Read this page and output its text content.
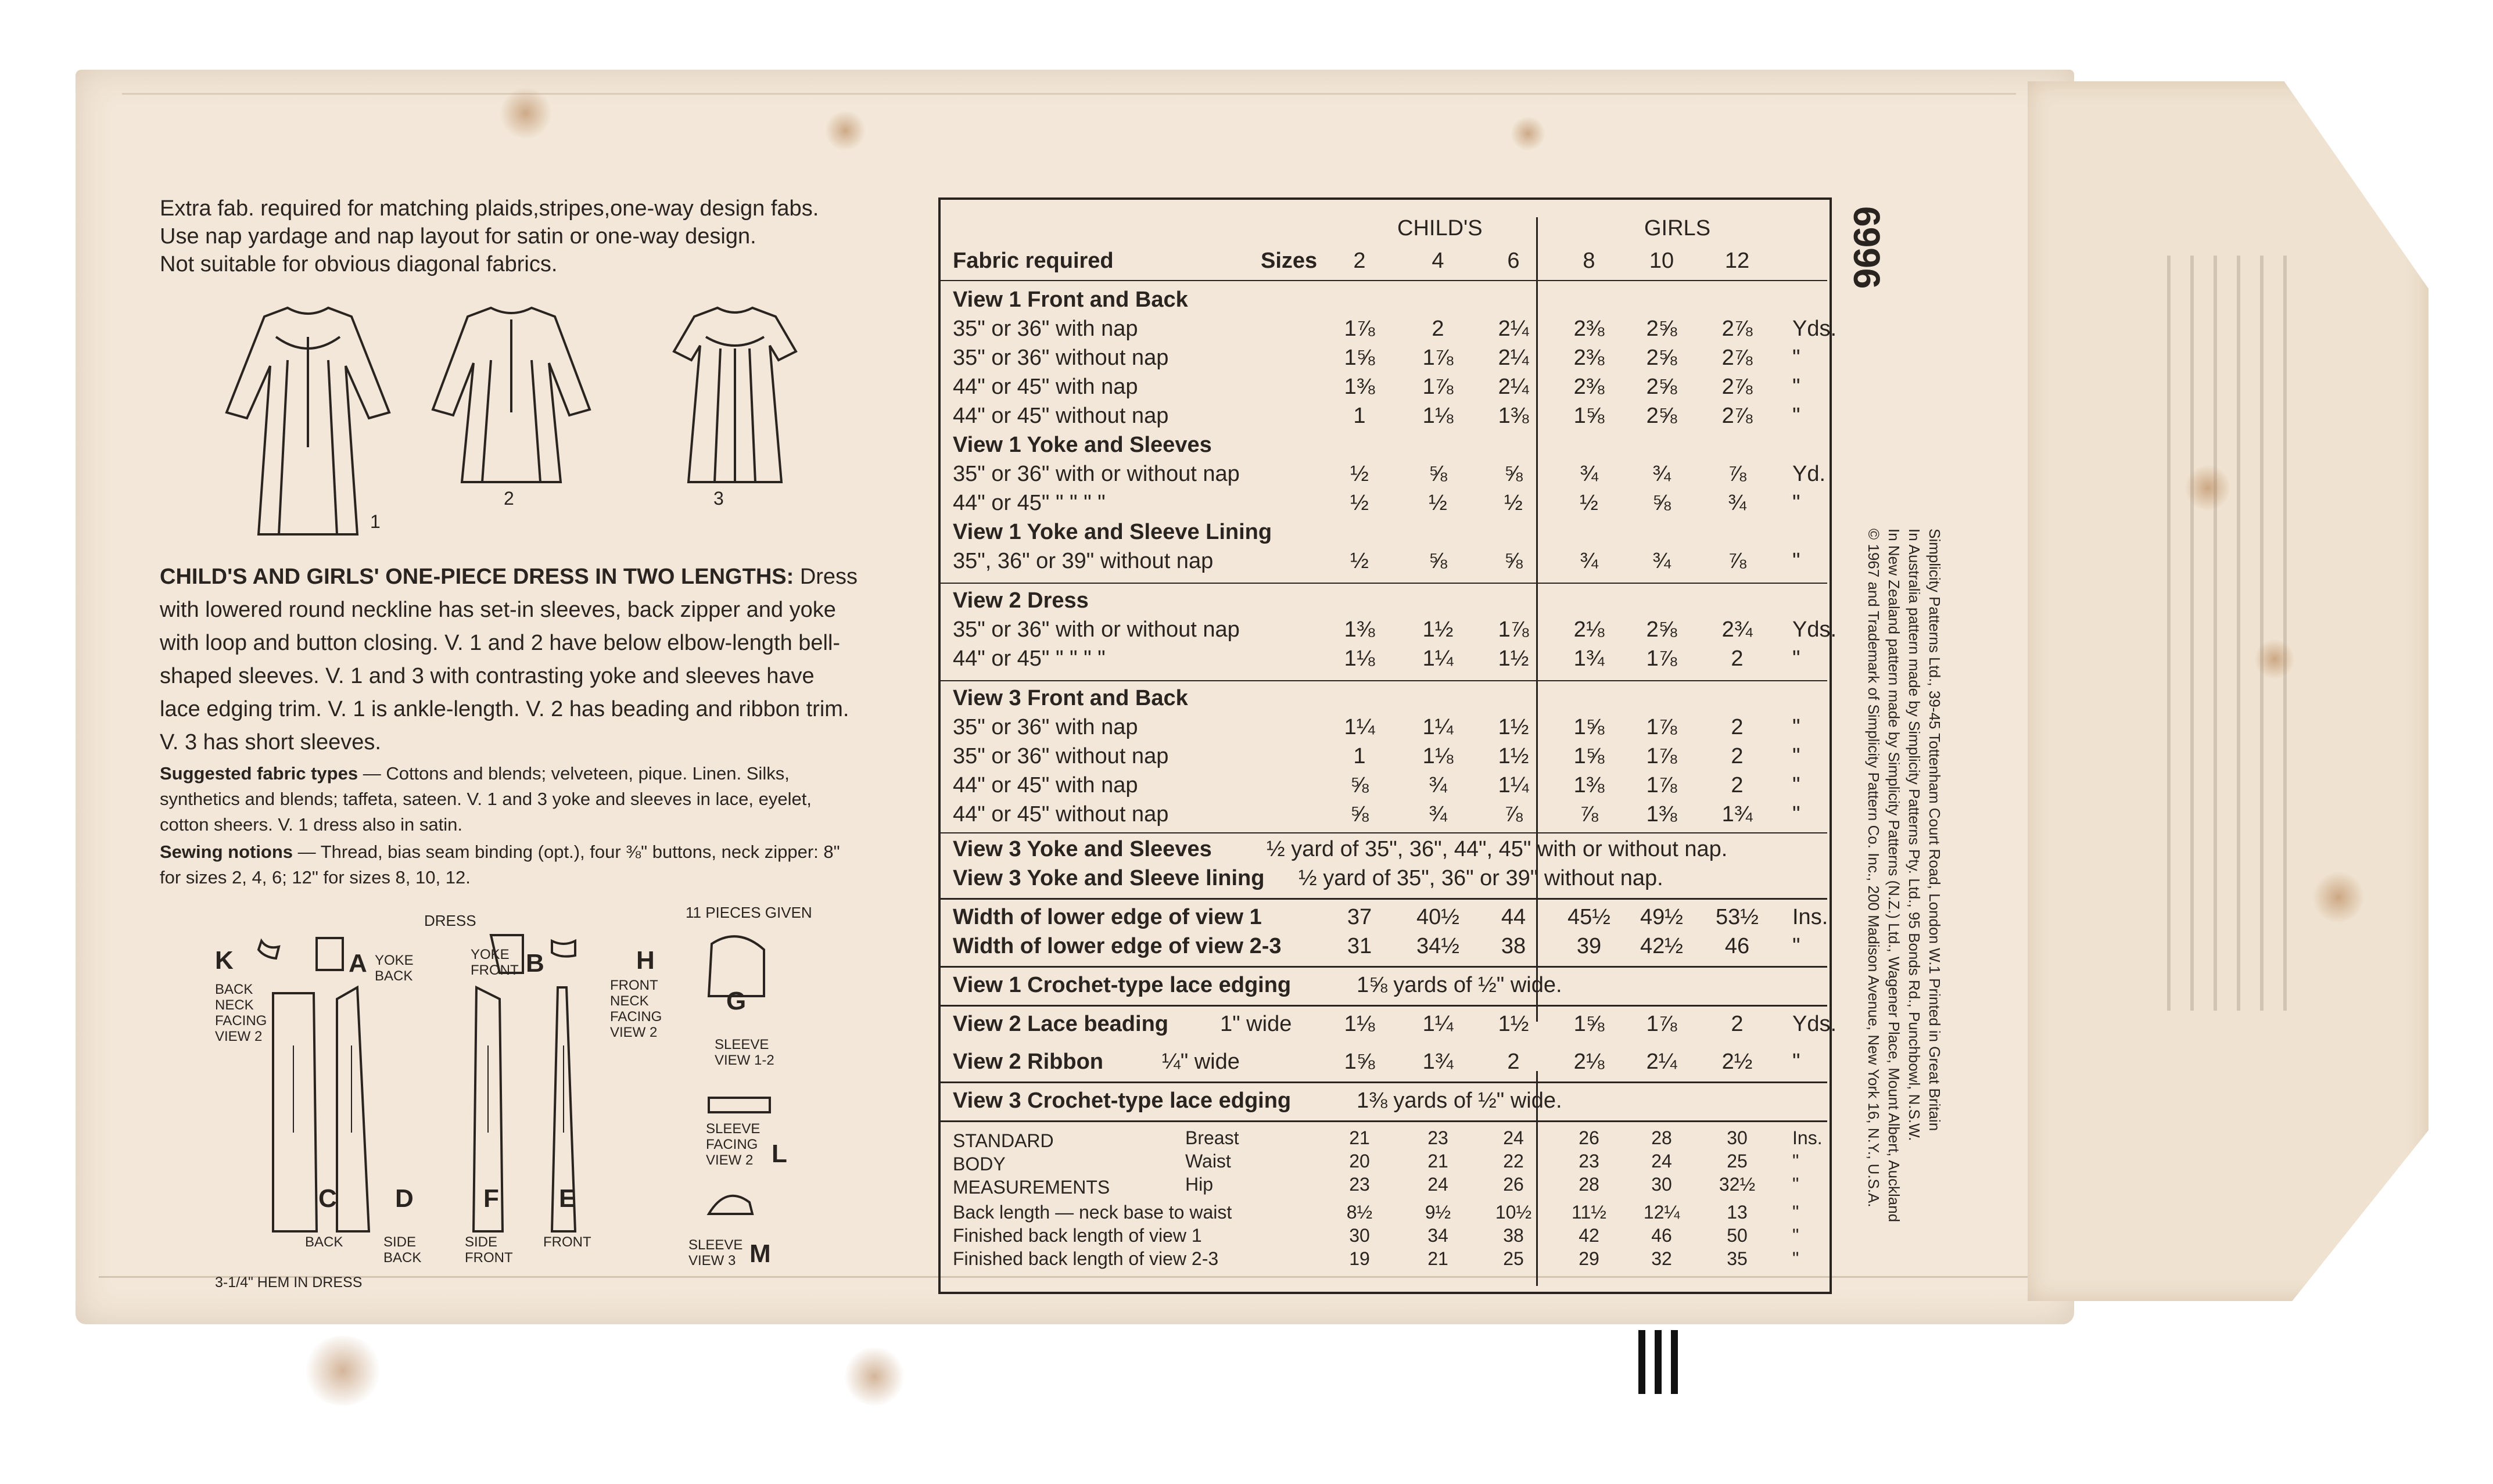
Extra fab. required for matching plaids,stripes,one-way design fabs.
Use nap yardage and nap layout for satin or one-way design.
Not suitable for obvious diagonal fabrics.
1
2	3
CHILD'S AND GIRLS' ONE-PIECE DRESS IN TWO LENGTHS: Dress with lowered round neckline has set-in sleeves, back zipper and yoke with loop and button closing. V. 1 and 2 have below elbow-length bell-shaped sleeves. V. 1 and 3 with contrasting yoke and sleeves have lace edging trim. V. 1 is ankle-length. V. 2 has beading and ribbon trim. V. 3 has short sleeves.
Suggested fabric types — Cottons and blends; velveteen, pique. Linen. Silks, synthetics and blends; taffeta, sateen. V. 1 and 3 yoke and sleeves in lace, eyelet, cotton sheers. V. 1 dress also in satin.
Sewing notions — Thread, bias seam binding (opt.), four ⅜" buttons, neck zipper: 8" for sizes 2, 4, 6; 12" for sizes 8, 10, 12.
DRESS	11 PIECES GIVEN
K
BACK
NECK
FACING
VIEW 2
A YOKE
BACK
YOKE
FRONT B	H
FRONT
NECK
FACING
VIEW 2
G
SLEEVE
VIEW 1-2
SLEEVE
FACING
VIEW 2 L
SLEEVE
VIEW 3 M
C
BACK
D
SIDE
BACK
F
SIDE
FRONT
E
FRONT
3-1/4" HEM IN DRESS
CHILD'S	GIRLS
Fabric required	Sizes 2	4	6	8 10 12
View 1 Front and Back
35" or 36" with nap	1⅞	2 2¼ 2⅜ 2⅝ 2⅞ Yds.
35" or 36" without nap	1⅝ 1⅞ 2¼ 2⅜ 2⅝ 2⅞ "
44" or 45" with nap	1⅜ 1⅞ 2¼ 2⅜ 2⅝ 2⅞ "
44" or 45" without nap	1	1⅛ 1⅜ 1⅝ 2⅝ 2⅞ "
View 1 Yoke and Sleeves
35" or 36" with or without nap	½	⅝	⅝	¾ ¾	⅞ Yd.
44" or 45" " " " "	½	½	½	½ ⅝	¾ "
View 1 Yoke and Sleeve Lining
35", 36" or 39" without nap	½	⅝	⅝	¾ ¾	⅞ "
View 2 Dress
35" or 36" with or without nap	1⅜ 1½ 1⅞ 2⅛ 2⅝ 2¾ Yds.
44" or 45" " " " "	1⅛ 1¼ 1½ 1¾ 1⅞ 2 "
View 3 Front and Back
35" or 36" with nap	1¼ 1¼ 1½ 1⅝ 1⅞ 2 "
35" or 36" without nap	1	1⅛ 1½ 1⅝ 1⅞ 2 "
44" or 45" with nap	⅝	¾ 1¼ 1⅜ 1⅞ 2 "
44" or 45" without nap	⅝	¾	⅞	⅞ 1⅜ 1¾ "
View 3 Yoke and Sleeves ½ yard of 35", 36", 44", 45" with or without nap.
View 3 Yoke and Sleeve lining ½ yard of 35", 36" or 39" without nap.
Width of lower edge of view 1	37 40½ 44 45½ 49½ 53½ Ins.
Width of lower edge of view 2-3	31 34½ 38 39 42½ 46 "
View 1 Crochet-type lace edging	1⅝ yards of ½" wide.
View 2 Lace beading 1" wide 1⅛ 1¼ 1½ 1⅝ 1⅞ 2 Yds.
View 2 Ribbon	¼" wide	1⅝ 1¾ 2 2⅛ 2¼ 2½ "
View 3 Crochet-type lace edging	1⅜ yards of ½" wide.
STANDARD
BODY
MEASUREMENTS
Breast	21	23	24	26	28	30 Ins.
Waist	20	21	22	23	24	25 "
Hip	23	24	26	28	30	32½ "
Back length — neck base to waist	8½	9½ 10½ 11½ 12¼	13 "
Finished back length of view 1	30	34	38	42	46	50 "
Finished back length of view 2-3	19	21	25	29	32	35 "
6996
Simplicity Patterns Ltd., 39-45 Tottenham Court Road, London W.1 Printed in Great Britain
In Australia pattern made by Simplicity Patterns Pty. Ltd., 95 Bonds Rd., Punchbowl, N.S.W.
In New Zealand pattern made by Simplicity Patterns (N.Z.) Ltd., Wagener Place, Mount Albert, Auckland
© 1967 and Trademark of Simplicity Pattern Co. Inc., 200 Madison Avenue, New York 16, N.Y., U.S.A.
